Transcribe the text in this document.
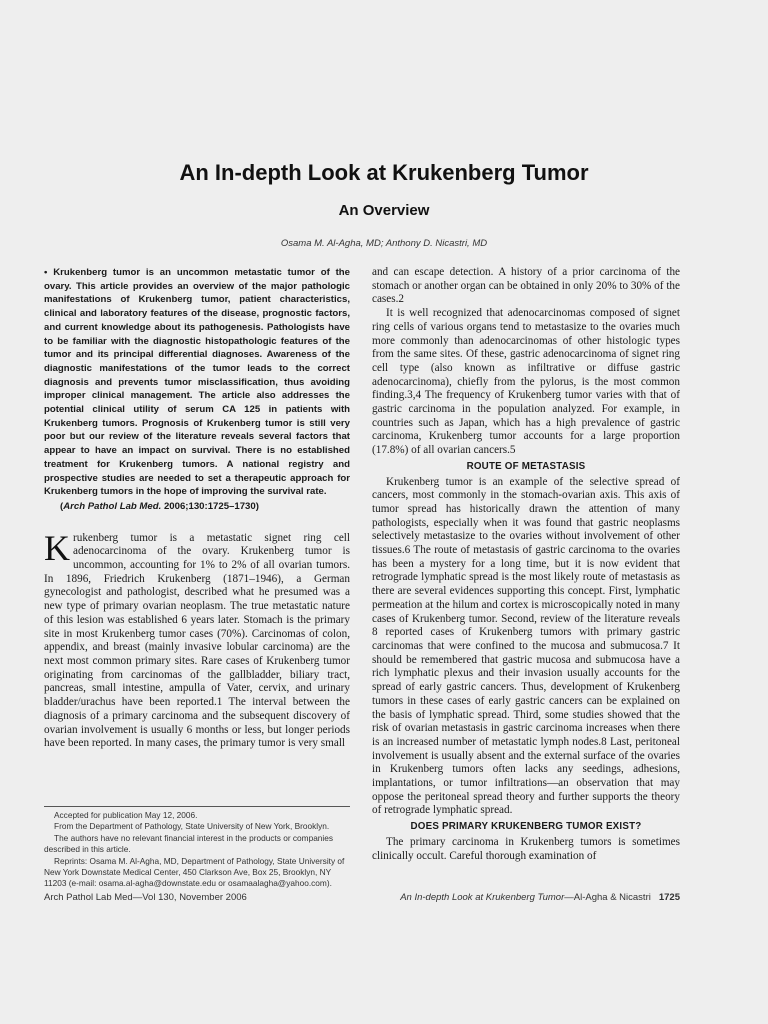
An In-depth Look at Krukenberg Tumor
An Overview
Osama M. Al-Agha, MD; Anthony D. Nicastri, MD

• Krukenberg tumor is an uncommon metastatic tumor of the ovary. This article provides an overview of the major pathologic manifestations of Krukenberg tumor, patient characteristics, clinical and laboratory features of the disease, prognostic factors, and current knowledge about its pathogenesis. Pathologists have to be familiar with the diagnostic histopathologic features of the tumor and its principal differential diagnoses. Awareness of the diagnostic manifestations of the tumor leads to the correct diagnosis and prevents tumor misclassification, thus avoiding improper clinical management. The article also addresses the potential clinical utility of serum CA 125 in patients with Krukenberg tumors. Prognosis of Krukenberg tumor is still very poor but our review of the literature reveals several factors that appear to have an impact on survival. There is no established treatment for Krukenberg tumors. A national registry and prospective studies are needed to set a therapeutic approach for Krukenberg tumors in the hope of improving the survival rate.

(Arch Pathol Lab Med. 2006;130:1725–1730)

Krukenberg tumor is a metastatic signet ring cell adenocarcinoma of the ovary. Krukenberg tumor is uncommon, accounting for 1% to 2% of all ovarian tumors. In 1896, Friedrich Krukenberg (1871–1946), a German gynecologist and pathologist, described what he presumed was a new type of primary ovarian neoplasm. The true metastatic nature of this lesion was established 6 years later. Stomach is the primary site in most Krukenberg tumor cases (70%). Carcinomas of colon, appendix, and breast (mainly invasive lobular carcinoma) are the next most common primary sites. Rare cases of Krukenberg tumor originating from carcinomas of the gallbladder, biliary tract, pancreas, small intestine, ampulla of Vater, cervix, and urinary bladder/urachus have been reported.1 The interval between the diagnosis of a primary carcinoma and the subsequent discovery of ovarian involvement is usually 6 months or less, but longer periods have been reported. In many cases, the primary tumor is very small

and can escape detection. A history of a prior carcinoma of the stomach or another organ can be obtained in only 20% to 30% of the cases.2

It is well recognized that adenocarcinomas composed of signet ring cells of various organs tend to metastasize to the ovaries much more commonly than adenocarcinomas of other histologic types from the same sites. Of these, gastric adenocarcinoma of signet ring cell type (also known as infiltrative or diffuse gastric adenocarcinoma), chiefly from the pylorus, is the most common finding.3,4 The frequency of Krukenberg tumor varies with that of gastric carcinoma in the population analyzed. For example, in countries such as Japan, which has a high prevalence of gastric carcinoma, Krukenberg tumor accounts for a large proportion (17.8%) of all ovarian cancers.5

ROUTE OF METASTASIS

Krukenberg tumor is an example of the selective spread of cancers, most commonly in the stomach-ovarian axis. This axis of tumor spread has historically drawn the attention of many pathologists, especially when it was found that gastric neoplasms selectively metastasize to the ovaries without involvement of other tissues.6 The route of metastasis of gastric carcinoma to the ovaries has been a mystery for a long time, but it is now evident that retrograde lymphatic spread is the most likely route of metastasis as there are several evidences supporting this concept. First, lymphatic permeation at the hilum and cortex is microscopically noted in many cases of Krukenberg tumor. Second, review of the literature reveals 8 reported cases of Krukenberg tumors with primary gastric carcinomas that were confined to the mucosa and submucosa.7 It should be remembered that gastric mucosa and submucosa have a rich lymphatic plexus and their invasion usually accounts for the spread of early gastric cancers. Thus, development of Krukenberg tumors in these cases of early gastric cancers can be explained on the basis of lymphatic spread. Third, some studies showed that the risk of ovarian metastasis in gastric carcinoma increases when there is an increased number of metastatic lymph nodes.8 Last, peritoneal involvement is usually absent and the external surface of the ovaries in Krukenberg tumors often lacks any seedings, adhesions, implantations, or tumor infiltrations—an observation that may oppose the peritoneal spread theory and further supports the theory of retrograde lymphatic spread.

DOES PRIMARY KRUKENBERG TUMOR EXIST?

The primary carcinoma in Krukenberg tumors is sometimes clinically occult. Careful thorough examination of

Accepted for publication May 12, 2006.

From the Department of Pathology, State University of New York, Brooklyn.

The authors have no relevant financial interest in the products or companies described in this article.

Reprints: Osama M. Al-Agha, MD, Department of Pathology, State University of New York Downstate Medical Center, 450 Clarkson Ave, Box 25, Brooklyn, NY 11203 (e-mail: osama.al-agha@downstate.edu or osamaalagha@yahoo.com).

Arch Pathol Lab Med—Vol 130, November 2006	An In-depth Look at Krukenberg Tumor—Al-Agha & Nicastri 1725
